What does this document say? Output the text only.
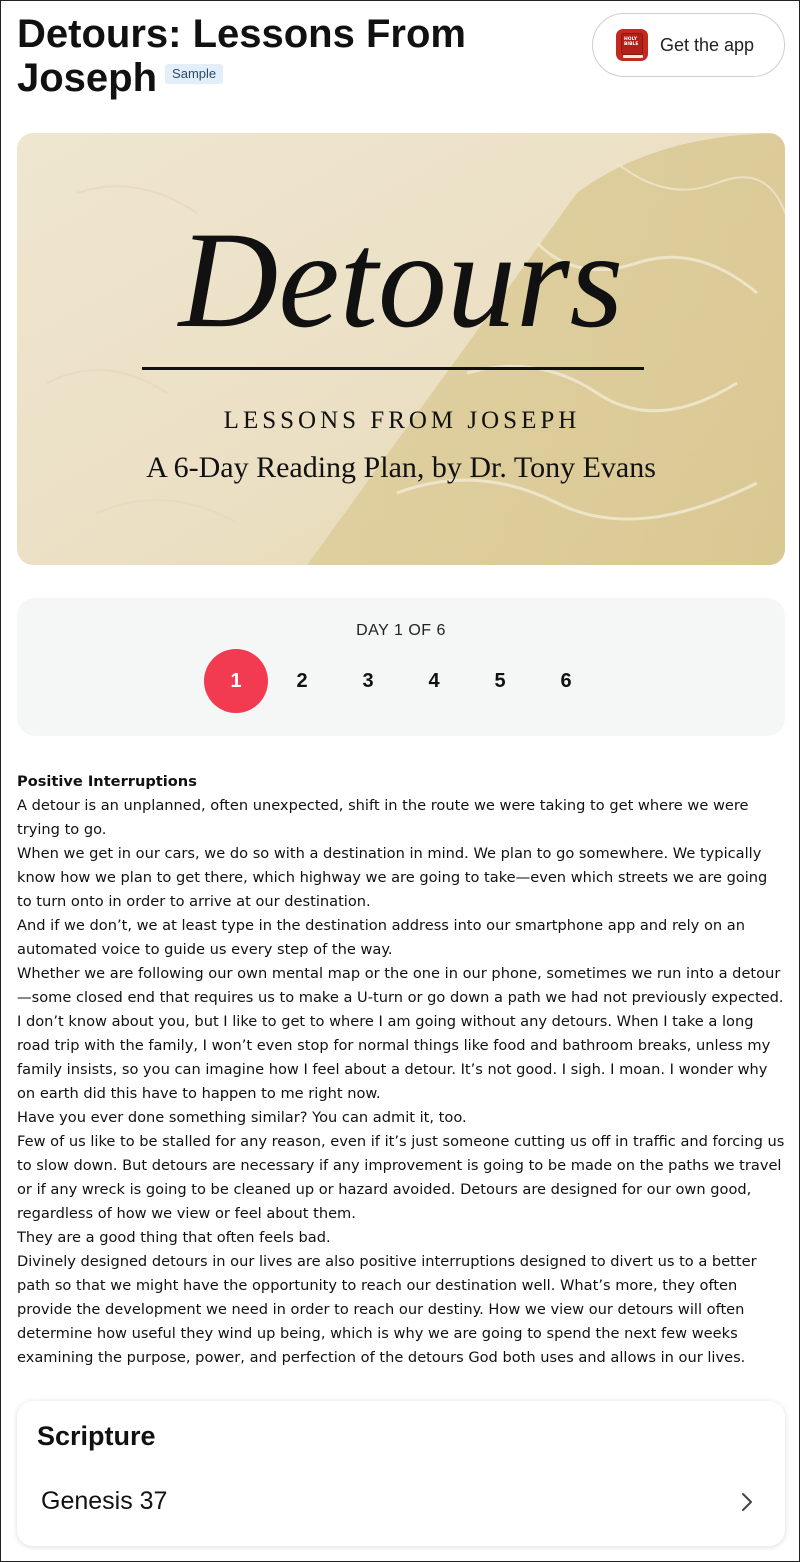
Detours: Lessons From Joseph Sample
HOLY BIBLE Get the app
Detours
LESSONS FROM JOSEPH
A 6-Day Reading Plan, by Dr. Tony Evans
DAY 1 OF 6
1	2	3	4	5	6
Positive Interruptions

A detour is an unplanned, often unexpected, shift in the route we were taking to get where we were trying to go.

When we get in our cars, we do so with a destination in mind. We plan to go somewhere. We typically know how we plan to get there, which highway we are going to take—even which streets we are going to turn onto in order to arrive at our destination.

And if we don’t, we at least type in the destination address into our smartphone app and rely on an automated voice to guide us every step of the way.

Whether we are following our own mental map or the one in our phone, sometimes we run into a detour—some closed end that requires us to make a U-turn or go down a path we had not previously expected.

I don’t know about you, but I like to get to where I am going without any detours. When I take a long road trip with the family, I won’t even stop for normal things like food and bathroom breaks, unless my family insists, so you can imagine how I feel about a detour. It’s not good. I sigh. I moan. I wonder why on earth did this have to happen to me right now.

Have you ever done something similar? You can admit it, too.

Few of us like to be stalled for any reason, even if it’s just someone cutting us off in traffic and forcing us to slow down. But detours are necessary if any improvement is going to be made on the paths we travel or if any wreck is going to be cleaned up or hazard avoided. Detours are designed for our own good, regardless of how we view or feel about them.

They are a good thing that often feels bad.

Divinely designed detours in our lives are also positive interruptions designed to divert us to a better path so that we might have the opportunity to reach our destination well. What’s more, they often provide the development we need in order to reach our destiny. How we view our detours will often determine how useful they wind up being, which is why we are going to spend the next few weeks examining the purpose, power, and perfection of the detours God both uses and allows in our lives.

Scripture
Genesis 37
